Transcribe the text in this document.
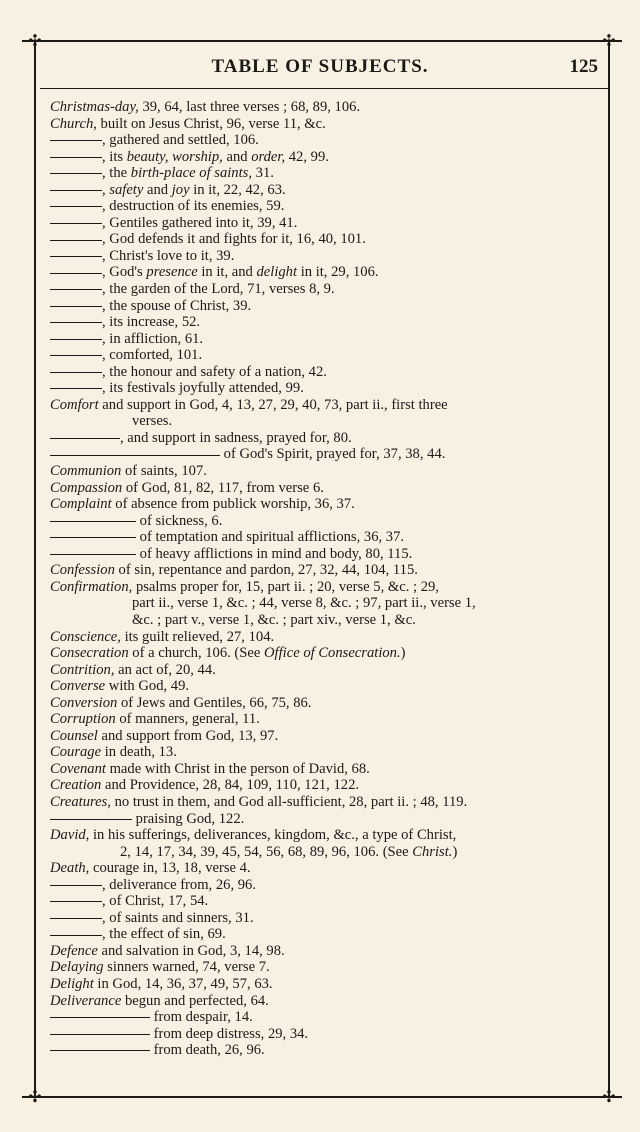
✣	✣
✣	✣
TABLE OF SUBJECTS.	125
Christmas-day, 39, 64, last three verses ; 68, 89, 106.
Church, built on Jesus Christ, 96, verse 11, &c.
, gathered and settled, 106.
, its beauty, worship, and order, 42, 99.
, the birth-place of saints, 31.
, safety and joy in it, 22, 42, 63.
, destruction of its enemies, 59.
, Gentiles gathered into it, 39, 41.
, God defends it and fights for it, 16, 40, 101.
, Christ's love to it, 39.
, God's presence in it, and delight in it, 29, 106.
, the garden of the Lord, 71, verses 8, 9.
, the spouse of Christ, 39.
, its increase, 52.
, in affliction, 61.
, comforted, 101.
, the honour and safety of a nation, 42.
, its festivals joyfully attended, 99.
Comfort and support in God, 4, 13, 27, 29, 40, 73, part ii., first three
verses.
, and support in sadness, prayed for, 80.
of God's Spirit, prayed for, 37, 38, 44.
Communion of saints, 107.
Compassion of God, 81, 82, 117, from verse 6.
Complaint of absence from publick worship, 36, 37.
of sickness, 6.
of temptation and spiritual afflictions, 36, 37.
of heavy afflictions in mind and body, 80, 115.
Confession of sin, repentance and pardon, 27, 32, 44, 104, 115.
Confirmation, psalms proper for, 15, part ii. ; 20, verse 5, &c. ; 29,
part ii., verse 1, &c. ; 44, verse 8, &c. ; 97, part ii., verse 1,
&c. ; part v., verse 1, &c. ; part xiv., verse 1, &c.
Conscience, its guilt relieved, 27, 104.
Consecration of a church, 106. (See Office of Consecration.)
Contrition, an act of, 20, 44.
Converse with God, 49.
Conversion of Jews and Gentiles, 66, 75, 86.
Corruption of manners, general, 11.
Counsel and support from God, 13, 97.
Courage in death, 13.
Covenant made with Christ in the person of David, 68.
Creation and Providence, 28, 84, 109, 110, 121, 122.
Creatures, no trust in them, and God all-sufficient, 28, part ii. ; 48, 119.
praising God, 122.
David, in his sufferings, deliverances, kingdom, &c., a type of Christ,
2, 14, 17, 34, 39, 45, 54, 56, 68, 89, 96, 106. (See Christ.)
Death, courage in, 13, 18, verse 4.
, deliverance from, 26, 96.
, of Christ, 17, 54.
, of saints and sinners, 31.
, the effect of sin, 69.
Defence and salvation in God, 3, 14, 98.
Delaying sinners warned, 74, verse 7.
Delight in God, 14, 36, 37, 49, 57, 63.
Deliverance begun and perfected, 64.
from despair, 14.
from deep distress, 29, 34.
from death, 26, 96.
